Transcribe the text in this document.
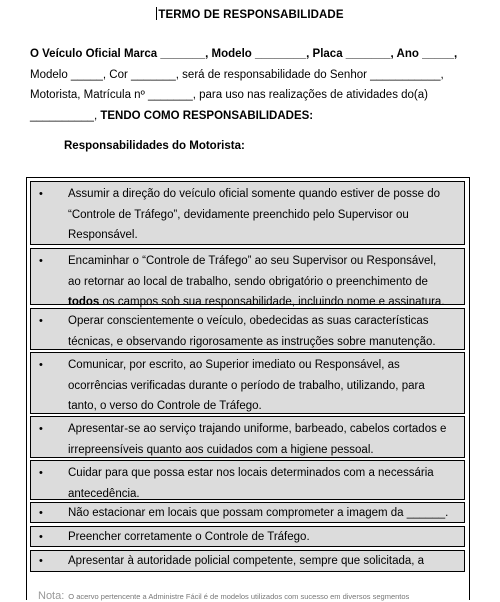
TERMO DE RESPONSABILIDADE

O Veículo Oficial Marca _______, Modelo ________, Placa _______, Ano _____,

Modelo _____, Cor _______, será de responsabilidade do Senhor ___________,

Motorista, Matrícula nº _______, para uso nas realizações de atividades do(a)

__________, TENDO COMO RESPONSABILIDADES:

Responsabilidades do Motorista:
• Assumir a direção do veículo oficial somente quando estiver de posse do
“Controle de Tráfego”, devidamente preenchido pelo Supervisor ou
Responsável.
• Encaminhar o “Controle de Tráfego” ao seu Supervisor ou Responsável,
ao retornar ao local de trabalho, sendo obrigatório o preenchimento de
todos os campos sob sua responsabilidade, incluindo nome e assinatura.
• Operar conscientemente o veículo, obedecidas as suas características
técnicas, e observando rigorosamente as instruções sobre manutenção.
• Comunicar, por escrito, ao Superior imediato ou Responsável, as
ocorrências verificadas durante o período de trabalho, utilizando, para
tanto, o verso do Controle de Tráfego.
• Apresentar-se ao serviço trajando uniforme, barbeado, cabelos cortados e
irrepreensíveis quanto aos cuidados com a higiene pessoal.
• Cuidar para que possa estar nos locais determinados com a necessária
antecedência.
• Não estacionar em locais que possam comprometer a imagem da ______.
• Preencher corretamente o Controle de Tráfego.
• Apresentar à autoridade policial competente, sempre que solicitada, a
Nota: O acervo pertencente a Administre Fácil é de modelos utilizados com sucesso em diversos segmentos
